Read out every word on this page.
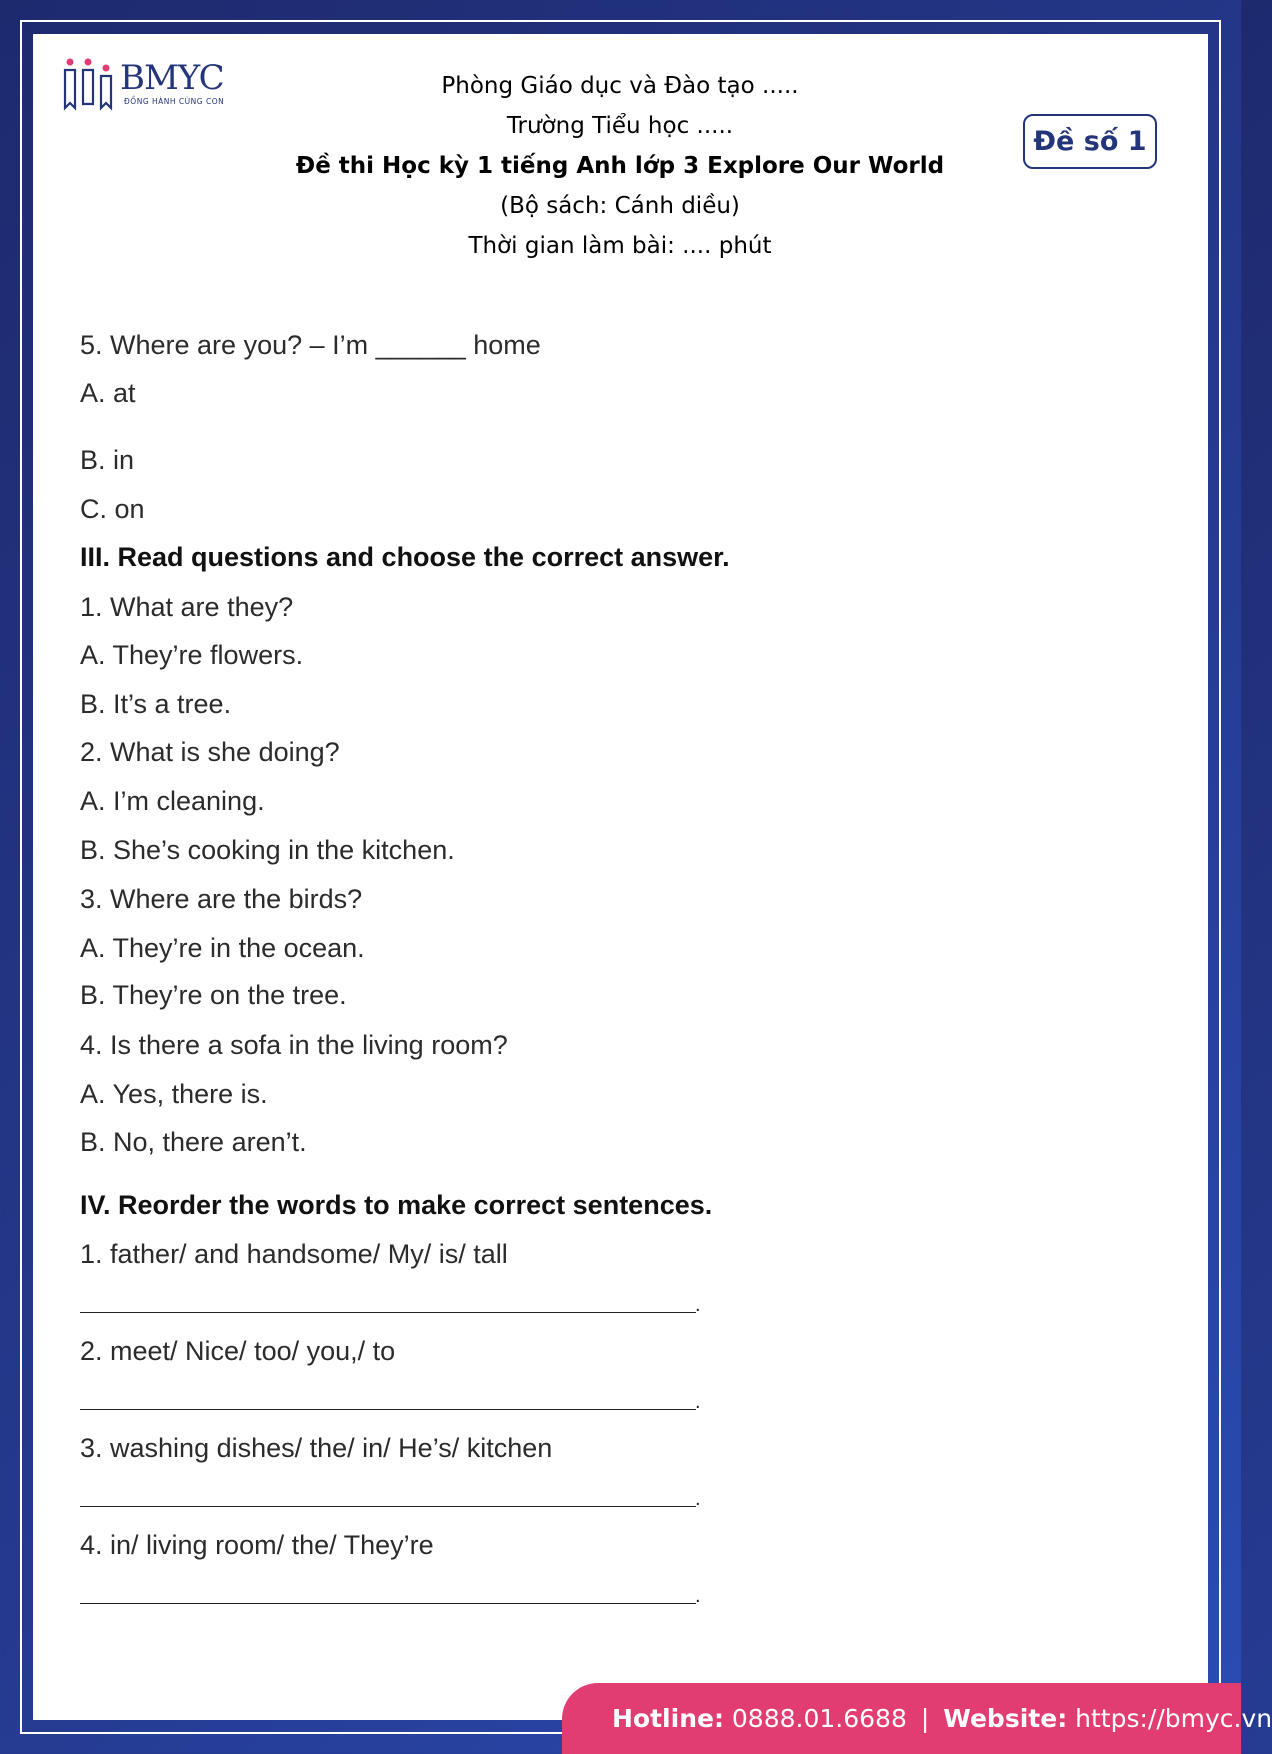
BMYC
ĐỒNG HÀNH CÙNG CON
Phòng Giáo dục và Đào tạo .....
Trường Tiểu học .....
Đề thi Học kỳ 1 tiếng Anh lớp 3 Explore Our World
(Bộ sách: Cánh diều)
Thời gian làm bài: .... phút
Đề số 1
5. Where are you? – I’m ______ home
A. at
B. in
C. on
III. Read questions and choose the correct answer.
1. What are they?
A. They’re flowers.
B. It’s a tree.
2. What is she doing?
A. I’m cleaning.
B. She’s cooking in the kitchen.
3. Where are the birds?
A. They’re in the ocean.
B. They’re on the tree.
4. Is there a sofa in the living room?
A. Yes, there is.
B. No, there aren’t.
IV. Reorder the words to make correct sentences.
1. father/ and handsome/ My/ is/ tall
.
2. meet/ Nice/ too/ you,/ to
.
3. washing dishes/ the/ in/ He’s/ kitchen
.
4. in/ living room/ the/ They’re
.
Hotline: 0888.01.6688 | Website: https://bmyc.vn
